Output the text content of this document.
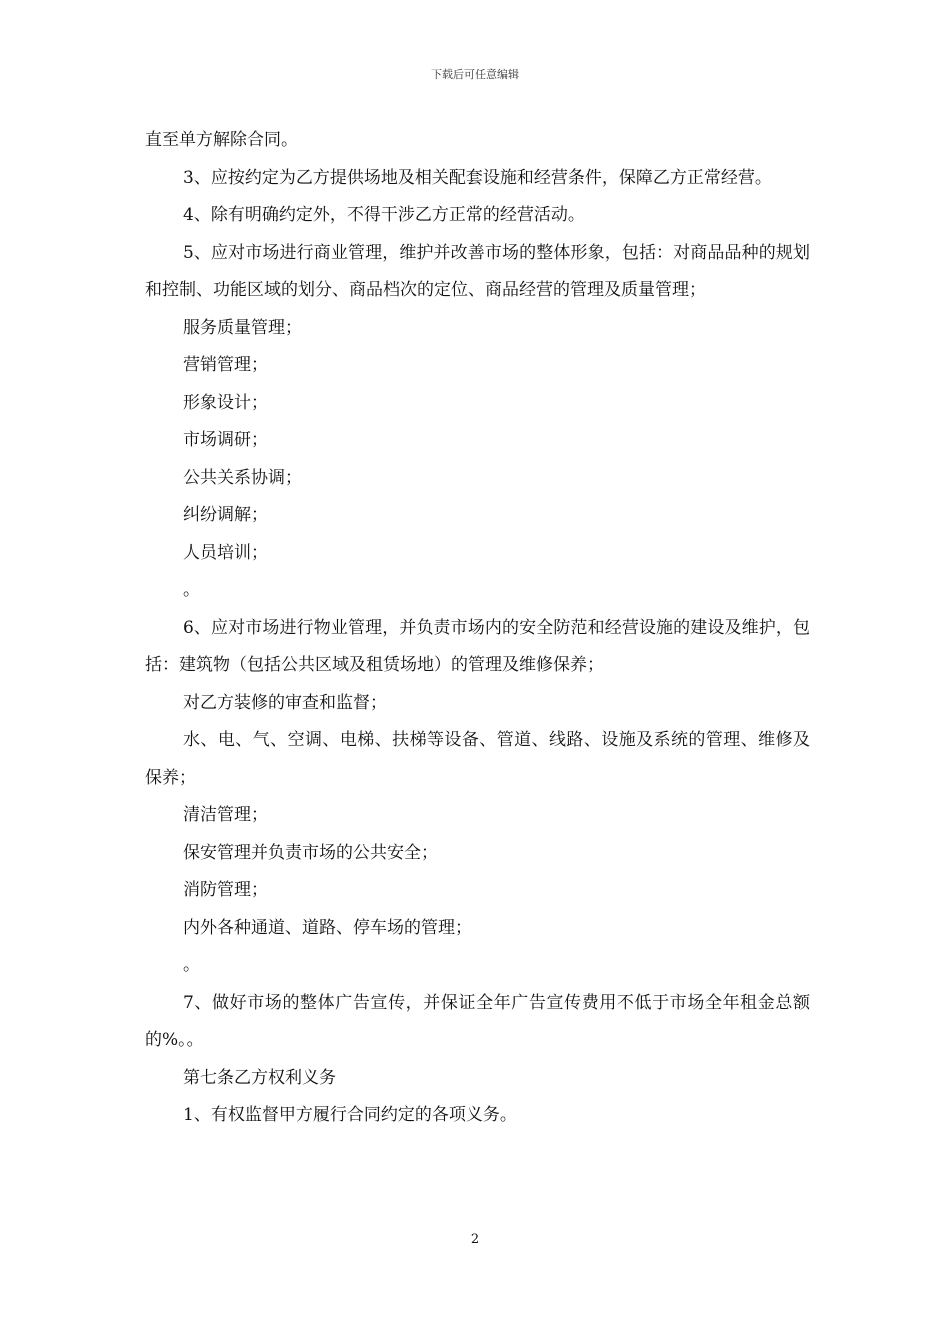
下载后可任意编辑

直至单方解除合同。

3、应按约定为乙方提供场地及相关配套设施和经营条件，保障乙方正常经营。

4、除有明确约定外，不得干涉乙方正常的经营活动。

5、应对市场进行商业管理，维护并改善市场的整体形象，包括：对商品品种的规划和控制、功能区域的划分、商品档次的定位、商品经营的管理及质量管理；

服务质量管理；

营销管理；

形象设计；

市场调研；

公共关系协调；

纠纷调解；

人员培训；

。

6、应对市场进行物业管理，并负责市场内的安全防范和经营设施的建设及维护，包括：建筑物（包括公共区域及租赁场地）的管理及维修保养；

对乙方装修的审查和监督；

水、电、气、空调、电梯、扶梯等设备、管道、线路、设施及系统的管理、维修及保养；

清洁管理；

保安管理并负责市场的公共安全；

消防管理；

内外各种通道、道路、停车场的管理；

。

7、做好市场的整体广告宣传，并保证全年广告宣传费用不低于市场全年租金总额的%。。

第七条乙方权利义务

1、有权监督甲方履行合同约定的各项义务。

2
